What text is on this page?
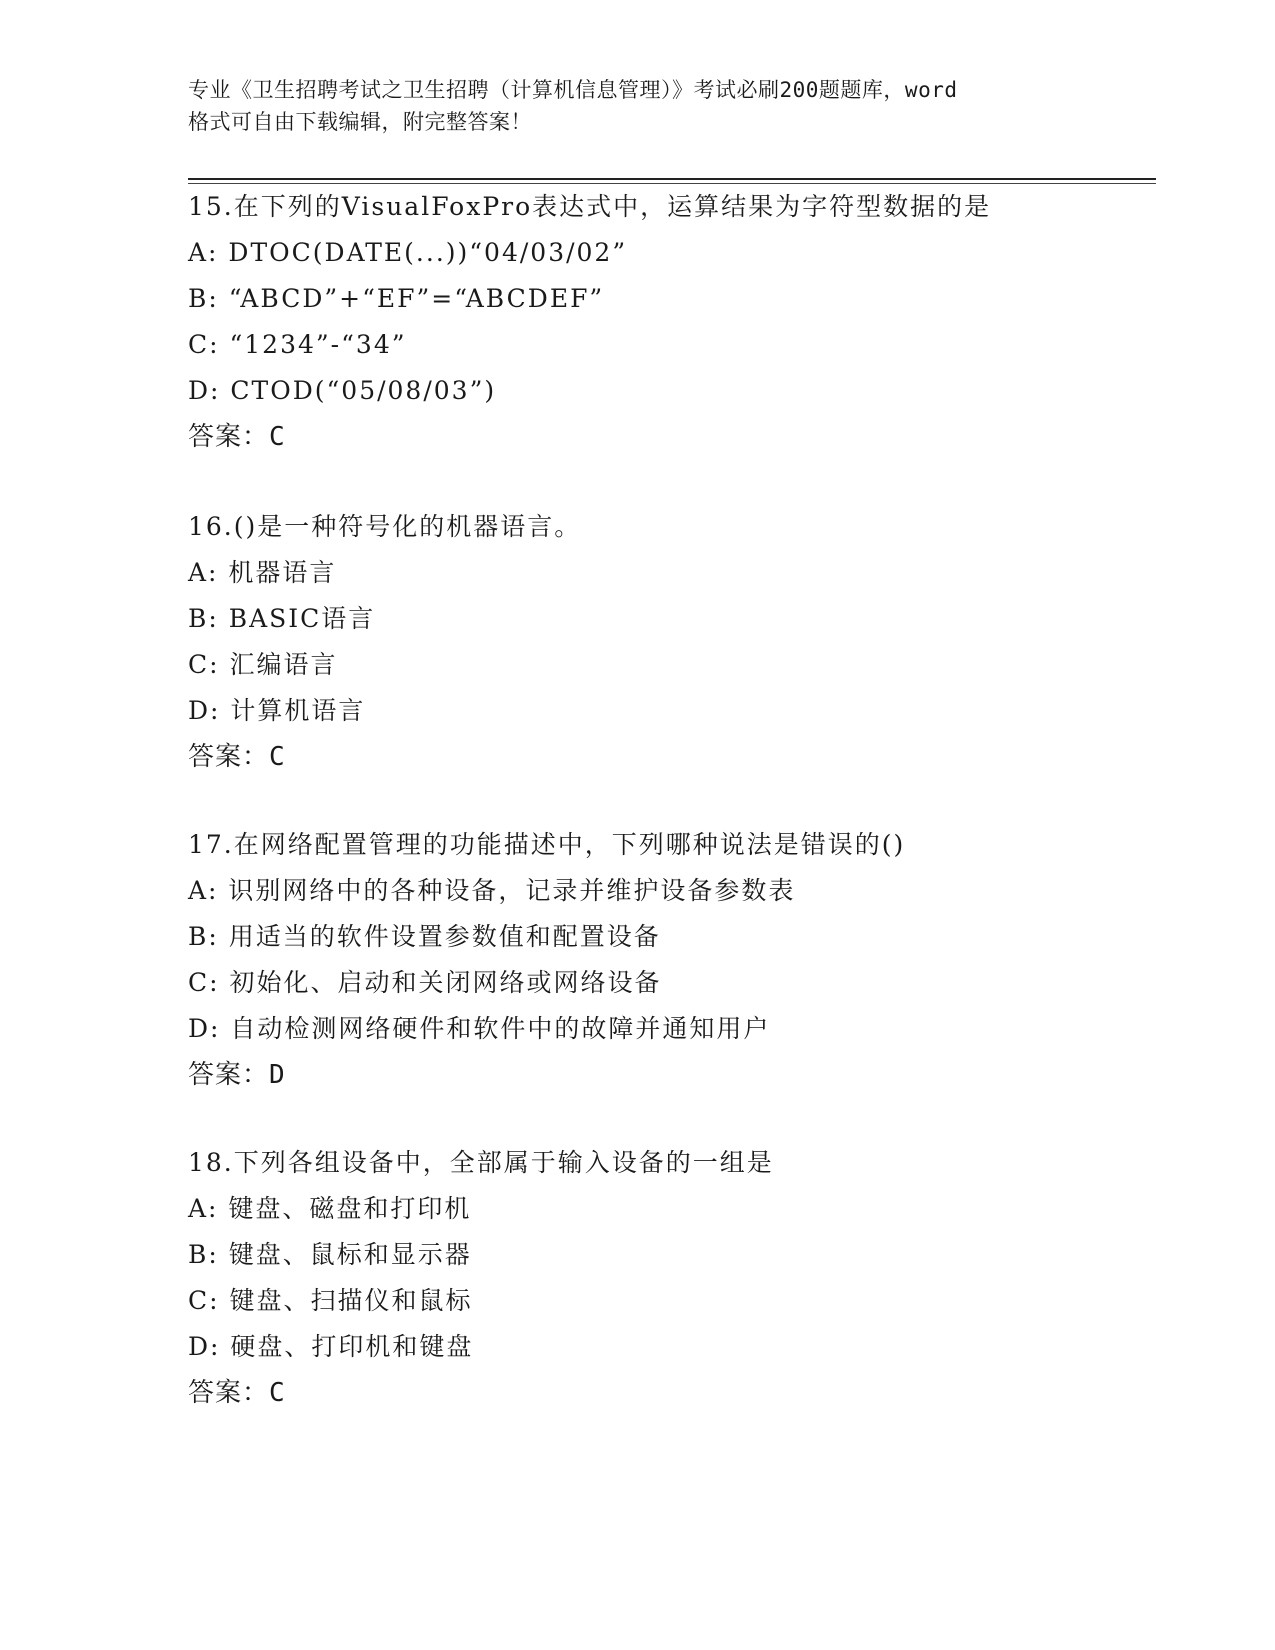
专业《卫生招聘考试之卫生招聘（计算机信息管理）》考试必刷200题题库，word
格式可自由下载编辑，附完整答案！
15.在下列的VisualFoxPro表达式中，运算结果为字符型数据的是
A: DTOC(DATE(...))“04/03/02”
B: “ABCD”+“EF”=“ABCDEF”
C: “1234”-“34”
D: CTOD(“05/08/03”)
答案：C
16.()是一种符号化的机器语言。
A: 机器语言
B: BASIC语言
C: 汇编语言
D: 计算机语言
答案：C
17.在网络配置管理的功能描述中，下列哪种说法是错误的()
A: 识别网络中的各种设备，记录并维护设备参数表
B: 用适当的软件设置参数值和配置设备
C: 初始化、启动和关闭网络或网络设备
D: 自动检测网络硬件和软件中的故障并通知用户
答案：D
18.下列各组设备中，全部属于输入设备的一组是
A: 键盘、磁盘和打印机
B: 键盘、鼠标和显示器
C: 键盘、扫描仪和鼠标
D: 硬盘、打印机和键盘
答案：C
